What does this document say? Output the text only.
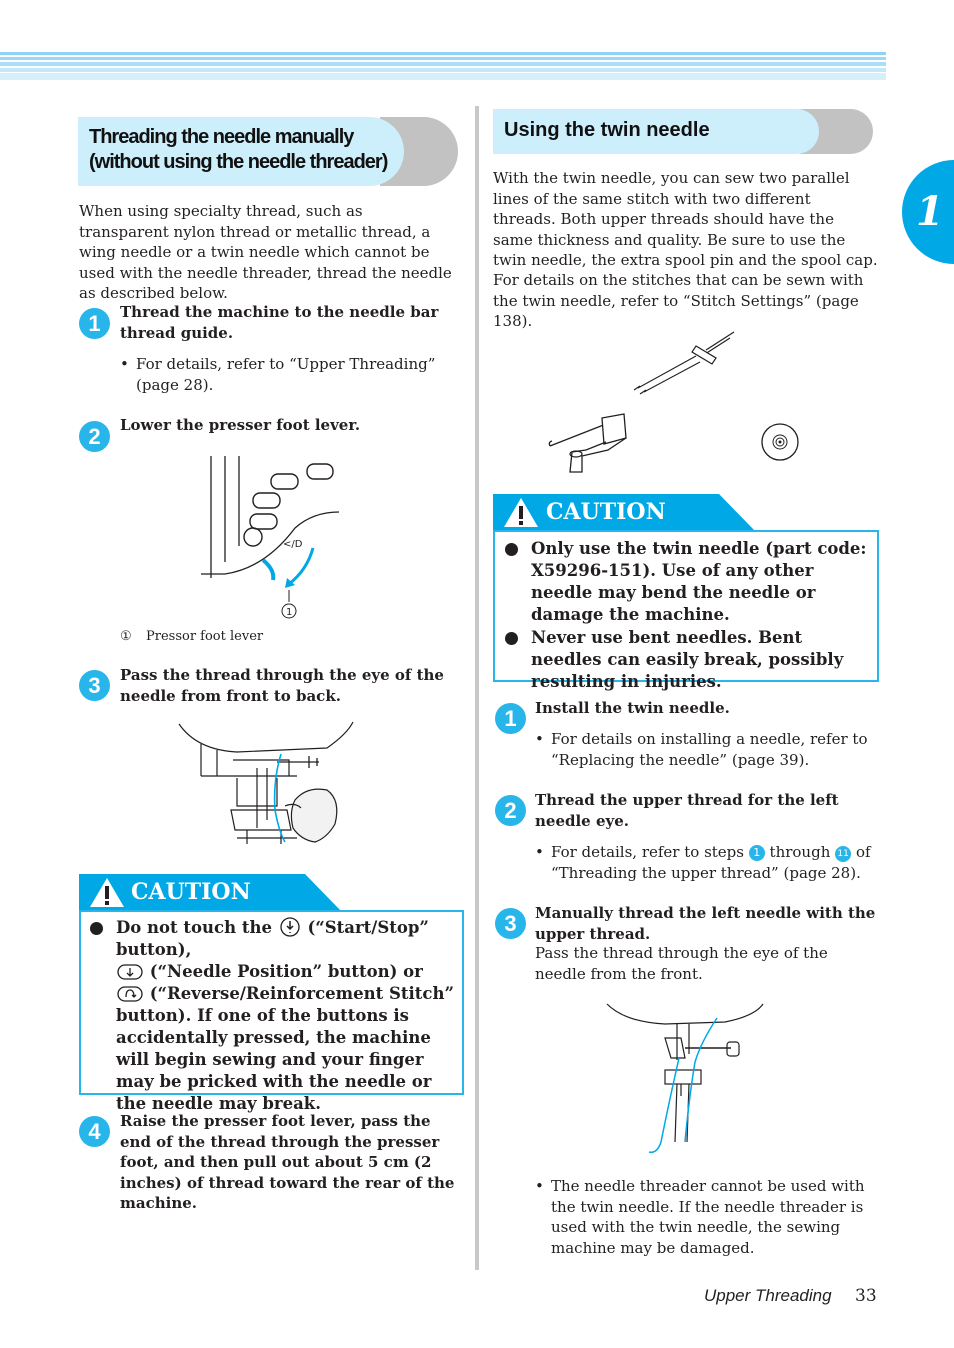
1
Threading the needle manually
(without using the needle threader)
When using specialty thread, such as transparent nylon thread or metallic thread, a wing needle or a twin needle which cannot be used with the needle threader, thread the needle as described below.
1	Thread the machine to the needle bar thread guide.
• For details, refer to “Upper Threading” (page 28).
2	Lower the presser foot lever.
</D
1
① Pressor foot lever
3	Pass the thread through the eye of the needle from front to back.
CAUTION
Do not touch the (“Start/Stop” button),
(“Needle Position” button) or
(“Reverse/Reinforcement Stitch” button). If one of the buttons is accidentally pressed, the machine will begin sewing and your finger may be pricked with the needle or the needle may break.
4	Raise the presser foot lever, pass the end of the thread through the presser foot, and then pull out about 5 cm (2 inches) of thread toward the rear of the machine.
Using the twin needle
With the twin needle, you can sew two parallel lines of the same stitch with two different threads. Both upper threads should have the same thickness and quality. Be sure to use the twin needle, the extra spool pin and the spool cap.
For details on the stitches that can be sewn with the twin needle, refer to “Stitch Settings” (page 138).
CAUTION
Only use the twin needle (part code: X59296-151). Use of any other needle may bend the needle or damage the machine.
Never use bent needles. Bent needles can easily break, possibly resulting in injuries.
1	Install the twin needle.
• For details on installing a needle, refer to “Replacing the needle” (page 39).
2	Thread the upper thread for the left needle eye.
• For details, refer to steps 1 through 11 of “Threading the upper thread” (page 28).
3	Manually thread the left needle with the upper thread.
Pass the thread through the eye of the needle from the front.
• The needle threader cannot be used with the twin needle. If the needle threader is used with the twin needle, the sewing machine may be damaged.
Upper Threading 33
